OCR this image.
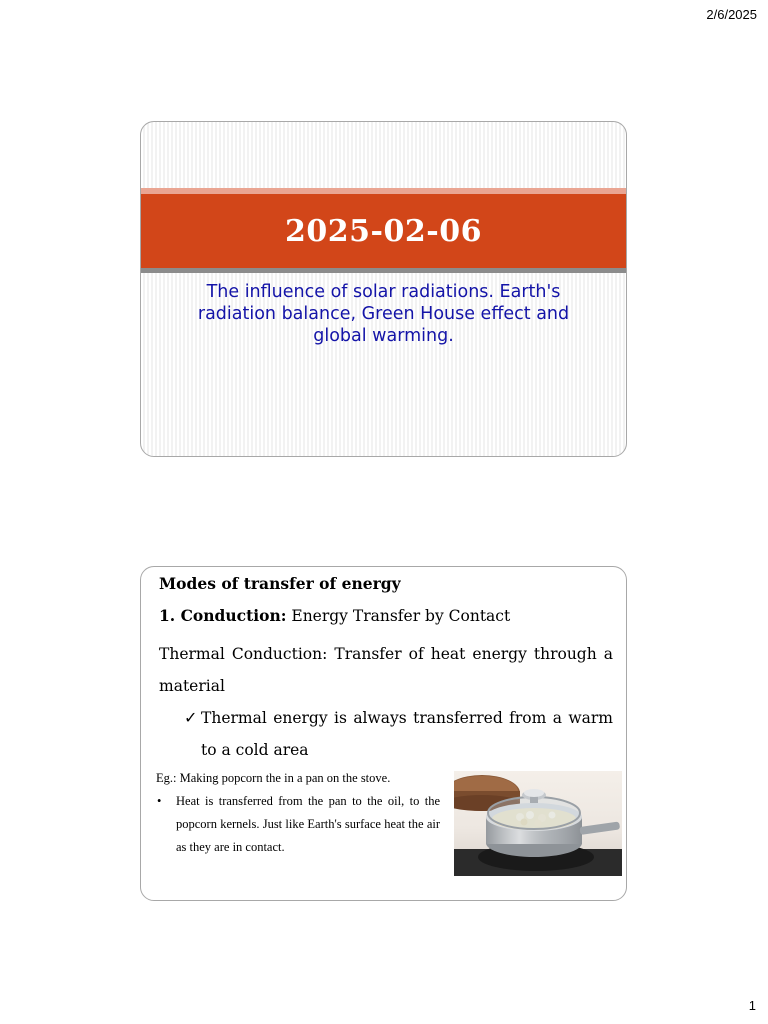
2/6/2025
2025-02-06
The influence of solar radiations. Earth's
radiation balance, Green House effect and
global warming.
Modes of transfer of energy
1. Conduction: Energy Transfer by Contact
Thermal Conduction: Transfer of heat energy through a material
✓ Thermal energy is always transferred from a warm to a cold area

Eg.: Making popcorn the in a pan on the stove.

•	Heat is transferred from the pan to the oil, to the popcorn kernels. Just like Earth's surface heat the air as they are in contact.
1
